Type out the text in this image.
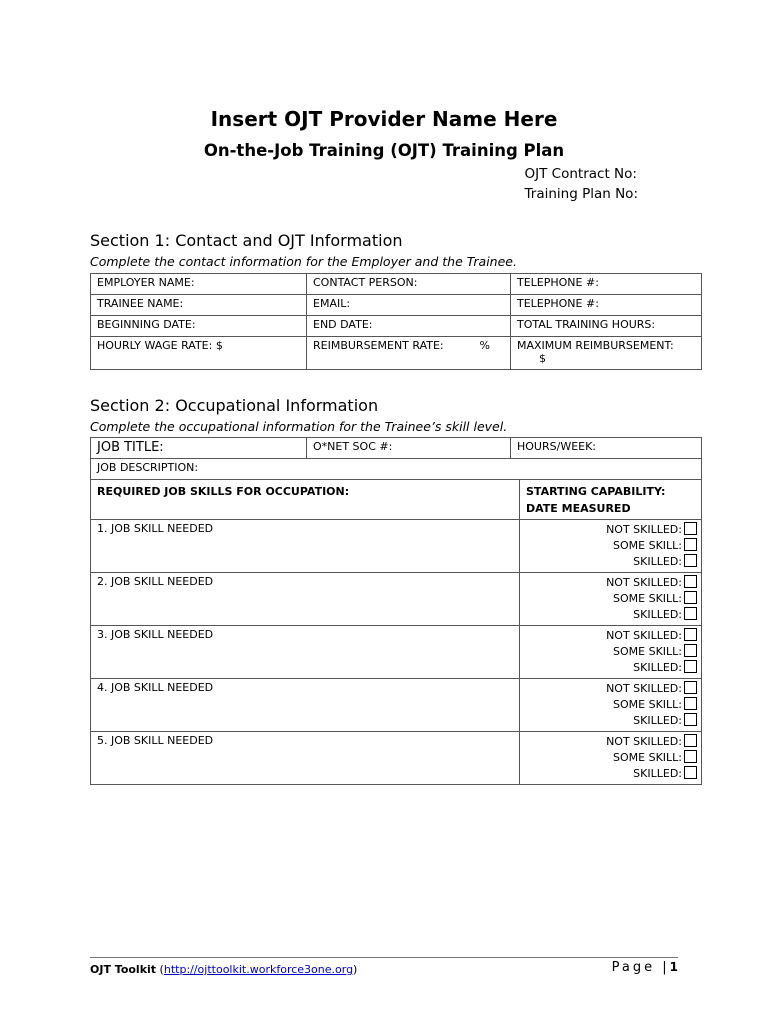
Insert OJT Provider Name Here
On-the-Job Training (OJT) Training Plan
OJT Contract No:
Training Plan No:
Section 1: Contact and OJT Information
Complete the contact information for the Employer and the Trainee.
EMPLOYER NAME:	CONTACT PERSON:	TELEPHONE #:
TRAINEE NAME:	EMAIL:	TELEPHONE #:
BEGINNING DATE:	END DATE:	TOTAL TRAINING HOURS:
HOURLY WAGE RATE: $	REIMBURSEMENT RATE: %	MAXIMUM REIMBURSEMENT:
$
Section 2: Occupational Information
Complete the occupational information for the Trainee’s skill level.
JOB TITLE:	O*NET SOC #:	HOURS/WEEK:
JOB DESCRIPTION:
REQUIRED JOB SKILLS FOR OCCUPATION:	STARTING CAPABILITY:
DATE MEASURED

1. JOB SKILL NEEDED	NOT SKILLED:
SOME SKILL:
SKILLED:

2. JOB SKILL NEEDED	NOT SKILLED:
SOME SKILL:
SKILLED:

3. JOB SKILL NEEDED	NOT SKILLED:
SOME SKILL:
SKILLED:

4. JOB SKILL NEEDED	NOT SKILLED:
SOME SKILL:
SKILLED:

5. JOB SKILL NEEDED	NOT SKILLED:
SOME SKILL:
SKILLED:
OJT Toolkit (http://ojttoolkit.workforce3one.org)	Page |1
